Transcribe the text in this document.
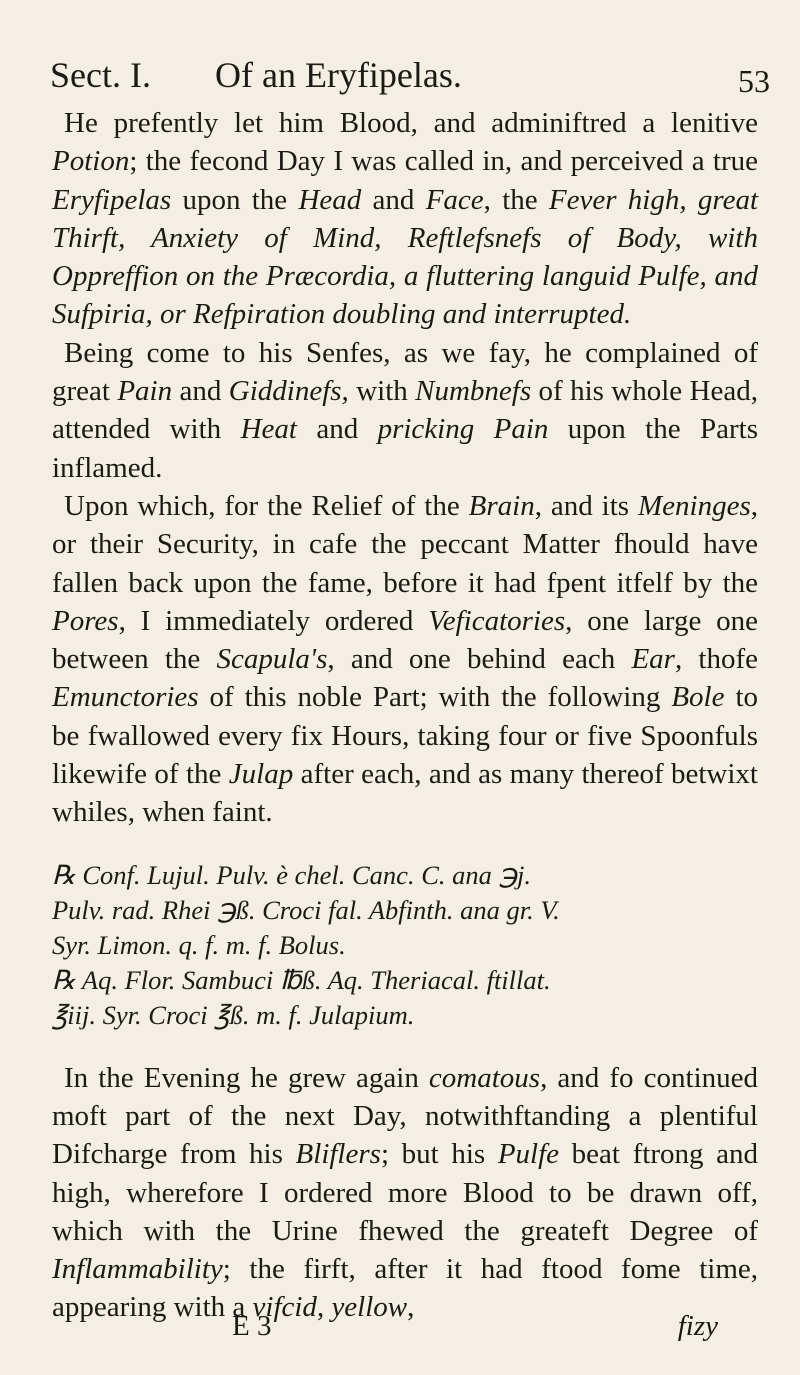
Sect. I. Of an Eryfipelas.	53

He prefently let him Blood, and adminiftred a lenitive Potion; the fecond Day I was called in, and perceived a true Eryfipelas upon the Head and Face, the Fever high, great Thirft, Anxiety of Mind, Reftlefsnefs of Body, with Oppreffion on the Præcordia, a fluttering languid Pulfe, and Sufpiria, or Refpiration doubling and interrupted.

Being come to his Senfes, as we fay, he complained of great Pain and Giddinefs, with Numbnefs of his whole Head, attended with Heat and pricking Pain upon the Parts inflamed.

Upon which, for the Relief of the Brain, and its Meninges, or their Security, in cafe the peccant Matter fhould have fallen back upon the fame, before it had fpent itfelf by the Pores, I immediately ordered Veficatories, one large one between the Scapula's, and one behind each Ear, thofe Emunctories of this noble Part; with the following Bole to be fwallowed every fix Hours, taking four or five Spoonfuls likewife of the Julap after each, and as many thereof betwixt whiles, when faint.

℞ Conf. Lujul. Pulv. è chel. Canc. C. ana ℈j.
Pulv. rad. Rhei ℈ß. Croci fal. Abfinth. ana gr. V.
Syr. Limon. q. f. m. f. Bolus.
℞ Aq. Flor. Sambuci ℔ß. Aq. Theriacal. ftillat.
℥iij. Syr. Croci ℥ß. m. f. Julapium.

In the Evening he grew again comatous, and fo continued moft part of the next Day, notwithftanding a plentiful Difcharge from his Bliflers; but his Pulfe beat ftrong and high, wherefore I ordered more Blood to be drawn off, which with the Urine fhewed the greateft Degree of Inflammability; the firft, after it had ftood fome time, appearing with a vifcid, yellow,

E 3	fizy
